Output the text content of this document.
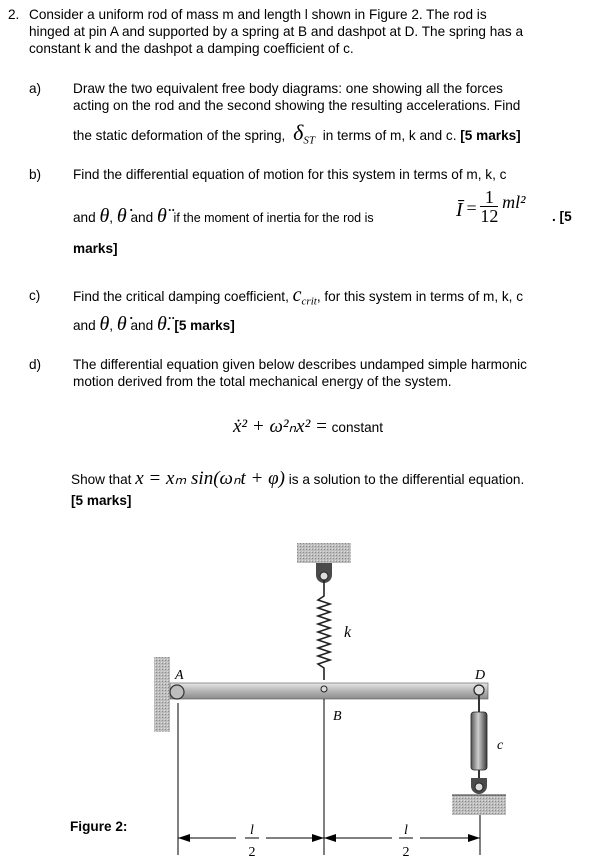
2. Consider a uniform rod of mass m and length l shown in Figure 2. The rod is
hinged at pin A and supported by a spring at B and dashpot at D. The spring has a
constant k and the dashpot a damping coefficient of c.
a) Draw the two equivalent free body diagrams: one showing all the forces
acting on the rod and the second showing the resulting accelerations. Find
the static deformation of the spring, $\delta_{ST}$ in terms of m, k and c. [5 marks]
b) Find the differential equation of motion for this system in terms of m, k, c
and θ, θ̇ and θ̈ if the moment of inertia for the rod is	Ī = $\frac{1}{12} ml^2$
. [5
marks]
c) Find the critical damping coefficient, $c_{crit}$, for this system in terms of m, k, c
and θ, θ̇ and θ̈. [5 marks]
d) The differential equation given below describes undamped simple harmonic
motion derived from the total mechanical energy of the system.
ẋ² + ω²ₙx² = constant
Show that x = xₘ sin(ωₙt + φ) is a solution to the differential equation.
[5 marks]
A
B
D
k
c
l
2
l
2
Figure 2:
